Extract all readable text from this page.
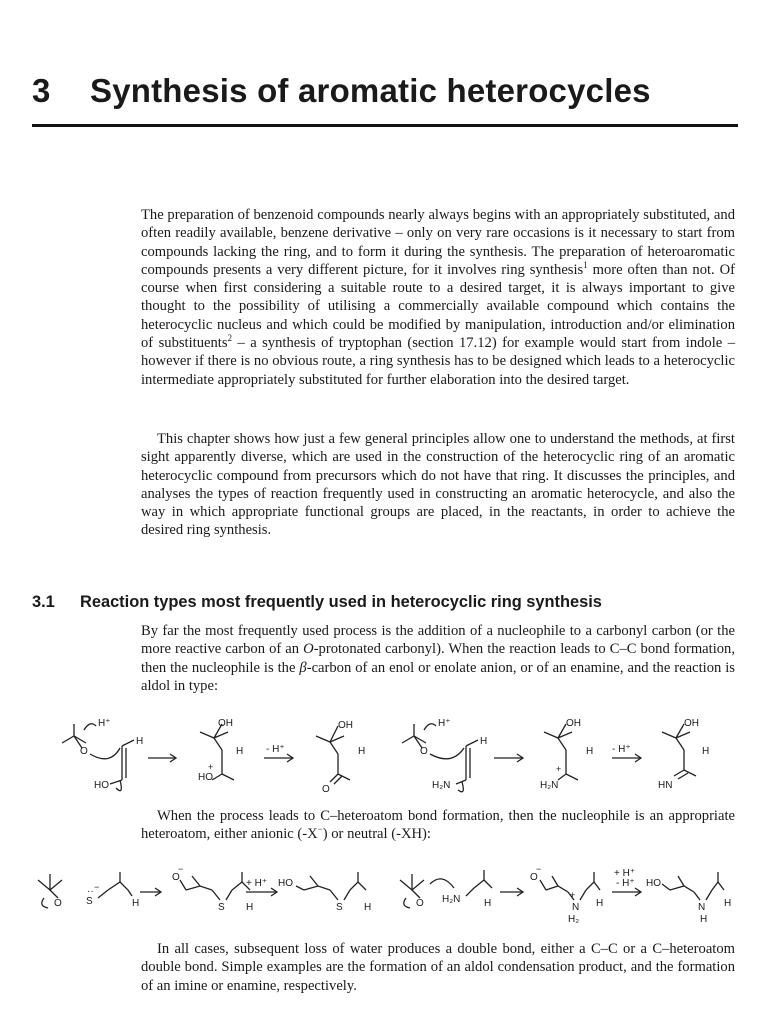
3 Synthesis of aromatic heterocycles

The preparation of benzenoid compounds nearly always begins with an appropriately substituted, and often readily available, benzene derivative – only on very rare occasions is it necessary to start from compounds lacking the ring, and to form it during the synthesis. The preparation of heteroaromatic compounds presents a very different picture, for it involves ring synthesis$^1$ more often than not. Of course when first considering a suitable route to a desired target, it is always important to give thought to the possibility of utilising a commercially available compound which contains the heterocyclic nucleus and which could be modified by manipulation, introduction and/or elimination of substituents$^2$ – a synthesis of tryptophan (section 17.12) for example would start from indole – however if there is no obvious route, a ring synthesis has to be designed which leads to a heterocyclic intermediate appropriately substituted for further elaboration into the desired target.

This chapter shows how just a few general principles allow one to understand the methods, at first sight apparently diverse, which are used in the construction of the heterocyclic ring of an aromatic heterocyclic compound from precursors which do not have that ring. It discusses the principles, and analyses the types of reaction frequently used in constructing an aromatic heterocycle, and also the way in which appropriate functional groups are placed, in the reactants, in order to achieve the desired ring synthesis.

3.1 Reaction types most frequently used in heterocyclic ring synthesis

By far the most frequently used process is the addition of a nucleophile to a carbonyl carbon (or the more reactive carbon of an O-protonated carbonyl). When the reaction leads to C–C bond formation, then the nucleophile is the β-carbon of an enol or enolate anion, or of an enamine, and the reaction is aldol in type:

H⁺
O
H
HO
OH
H
HO
+
- H⁺
OH
H
O
H⁺
O
H
H₂N
OH
H
H₂N
+
- H⁺
OH
H
HN

When the process leads to C–heteroatom bond formation, then the nucleophile is an appropriate heteroatom, either anionic (-X−) or neutral (-XH):

O S
·· −
H
O
−
S H
+ H⁺ HO
S H	O H₂N H
O
−
N
+
H₂
H
+ H⁺
- H⁺ HO
N H
H

In all cases, subsequent loss of water produces a double bond, either a C–C or a C–heteroatom double bond. Simple examples are the formation of an aldol condensation product, and the formation of an imine or enamine, respectively.
